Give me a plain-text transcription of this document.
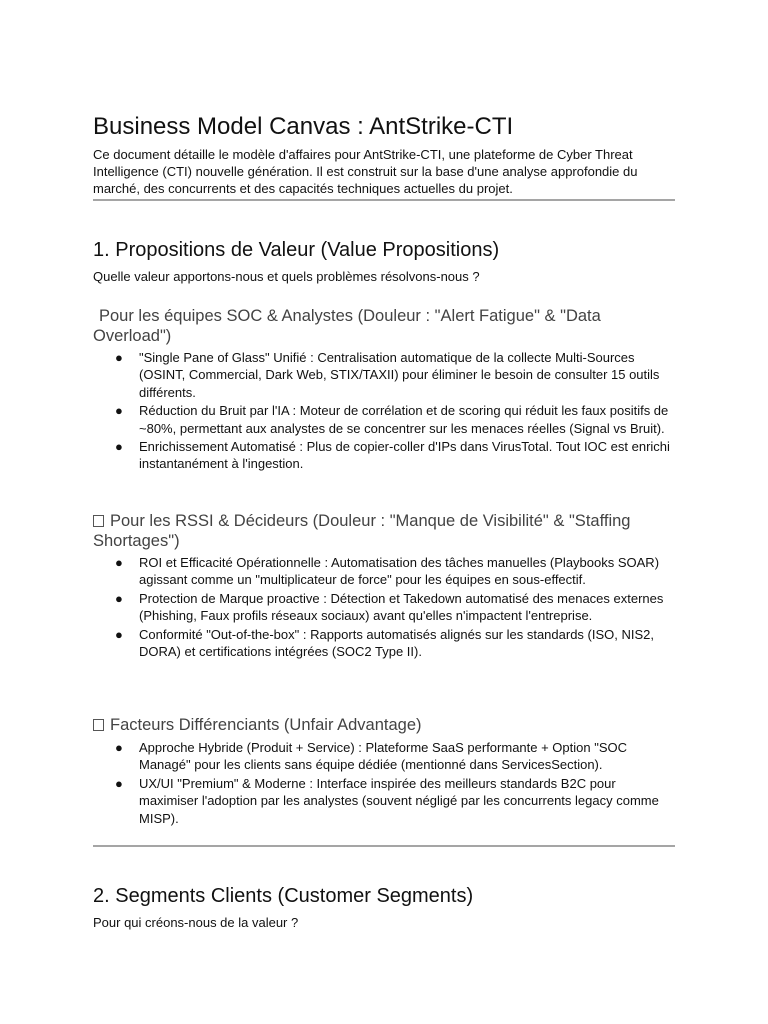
Business Model Canvas : AntStrike-CTI

Ce document détaille le modèle d'affaires pour AntStrike-CTI, une plateforme de Cyber Threat Intelligence (CTI) nouvelle génération. Il est construit sur la base d'une analyse approfondie du marché, des concurrents et des capacités techniques actuelles du projet.

1. Propositions de Valeur (Value Propositions)

Quelle valeur apportons-nous et quels problèmes résolvons-nous ?

Pour les équipes SOC & Analystes (Douleur : "Alert Fatigue" & "Data Overload")
● "Single Pane of Glass" Unifié : Centralisation automatique de la collecte Multi-Sources (OSINT, Commercial, Dark Web, STIX/TAXII) pour éliminer le besoin de consulter 15 outils différents.
● Réduction du Bruit par l'IA : Moteur de corrélation et de scoring qui réduit les faux positifs de ~80%, permettant aux analystes de se concentrer sur les menaces réelles (Signal vs Bruit).
● Enrichissement Automatisé : Plus de copier-coller d'IPs dans VirusTotal. Tout IOC est enrichi instantanément à l'ingestion.
Pour les RSSI & Décideurs (Douleur : "Manque de Visibilité" & "Staffing Shortages")
● ROI et Efficacité Opérationnelle : Automatisation des tâches manuelles (Playbooks SOAR) agissant comme un "multiplicateur de force" pour les équipes en sous-effectif.
● Protection de Marque proactive : Détection et Takedown automatisé des menaces externes (Phishing, Faux profils réseaux sociaux) avant qu'elles n'impactent l'entreprise.
● Conformité "Out-of-the-box" : Rapports automatisés alignés sur les standards (ISO, NIS2, DORA) et certifications intégrées (SOC2 Type II).
Facteurs Différenciants (Unfair Advantage)
● Approche Hybride (Produit + Service) : Plateforme SaaS performante + Option "SOC Managé" pour les clients sans équipe dédiée (mentionné dans ServicesSection).
● UX/UI "Premium" & Moderne : Interface inspirée des meilleurs standards B2C pour maximiser l'adoption par les analystes (souvent négligé par les concurrents legacy comme MISP).
2. Segments Clients (Customer Segments)

Pour qui créons-nous de la valeur ?
